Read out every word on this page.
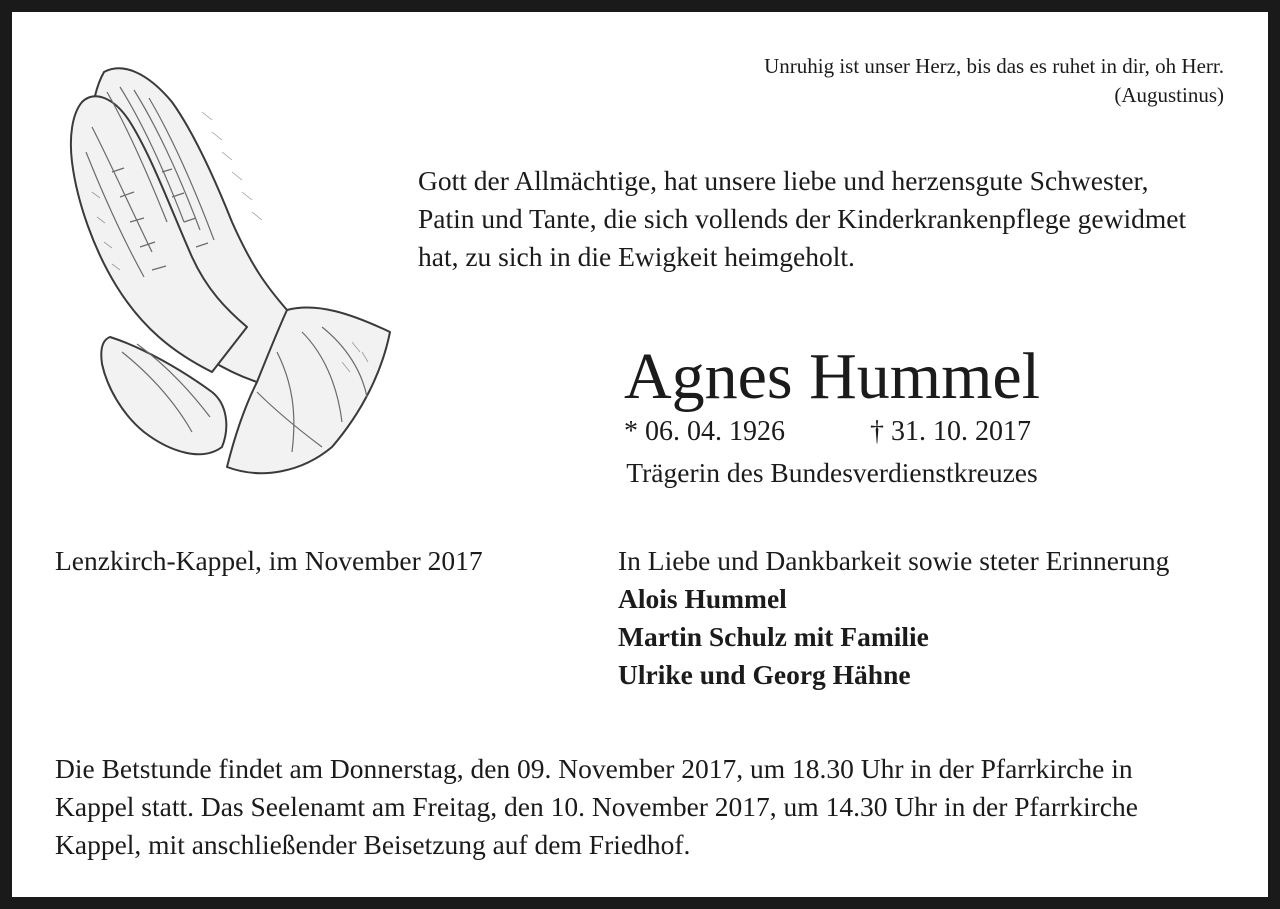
Unruhig ist unser Herz, bis das es ruhet in dir, oh Herr.
(Augustinus)
Gott der Allmächtige, hat unsere liebe und herzensgute Schwester,
Patin und Tante, die sich vollends der Kinderkrankenpflege gewidmet
hat, zu sich in die Ewigkeit heimgeholt.
Agnes Hummel
* 06. 04. 1926	† 31. 10. 2017
Trägerin des Bundesverdienstkreuzes
Lenzkirch-Kappel, im November 2017	In Liebe und Dankbarkeit sowie steter Erinnerung
Alois Hummel
Martin Schulz mit Familie
Ulrike und Georg Hähne
Die Betstunde findet am Donnerstag, den 09. November 2017, um 18.30 Uhr in der Pfarrkirche in
Kappel statt. Das Seelenamt am Freitag, den 10. November 2017, um 14.30 Uhr in der Pfarrkirche
Kappel, mit anschließender Beisetzung auf dem Friedhof.
